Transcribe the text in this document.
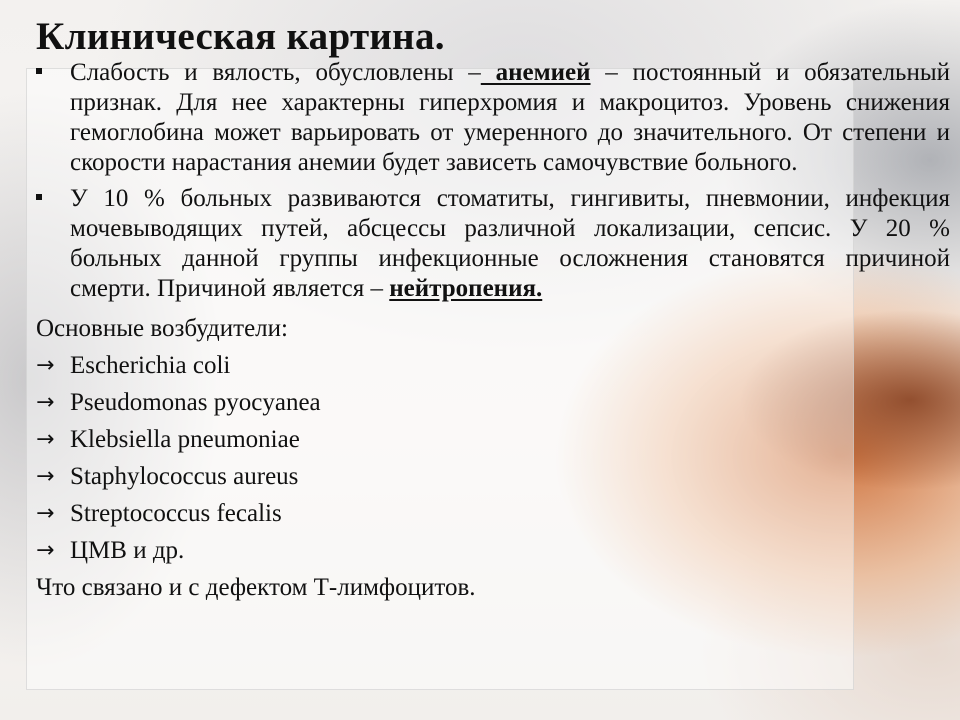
Клиническая картина.
Слабость и вялость, обусловлены – анемией – постоянный и обязательный признак. Для нее характерны гиперхромия и макроцитоз. Уровень снижения гемоглобина может варьировать от умеренного до значительного. От степени и скорости нарастания анемии будет зависеть самочувствие больного.
У 10 % больных развиваются стоматиты, гингивиты, пневмонии, инфекция мочевыводящих путей, абсцессы различной локализации, сепсис. У 20 % больных данной группы инфекционные осложнения становятся причиной смерти. Причиной является – нейтропения.

Основные возбудители:

→ Escherichia coli

→ Pseudomonas pyocyanea

→ Klebsiella pneumoniae

→ Staphylococcus aureus

→ Streptococcus fecalis

→ ЦМВ и др.

Что связано и с дефектом Т-лимфоцитов.
